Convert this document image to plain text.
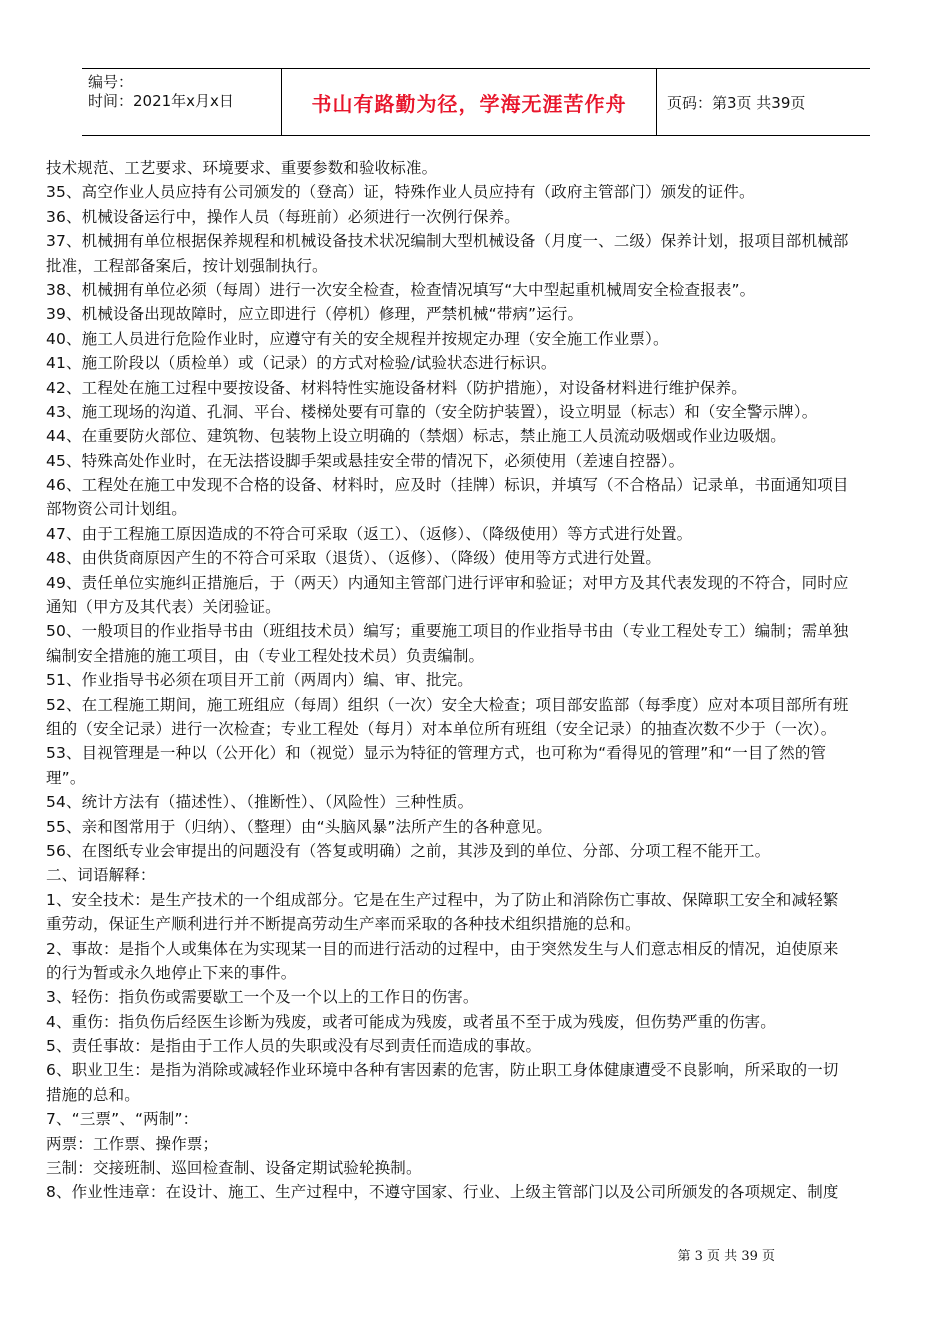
编号：
时间：2021年x月x日	书山有路勤为径，学海无涯苦作舟	页码：第3页 共39页
技术规范、工艺要求、环境要求、重要参数和验收标准。
35、高空作业人员应持有公司颁发的（登高）证，特殊作业人员应持有（政府主管部门）颁发的证件。
36、机械设备运行中，操作人员（每班前）必须进行一次例行保养。
37、机械拥有单位根据保养规程和机械设备技术状况编制大型机械设备（月度一、二级）保养计划，报项目部机械部
批准，工程部备案后，按计划强制执行。
38、机械拥有单位必须（每周）进行一次安全检查，检查情况填写“大中型起重机械周安全检查报表”。
39、机械设备出现故障时，应立即进行（停机）修理，严禁机械“带病”运行。
40、施工人员进行危险作业时，应遵守有关的安全规程并按规定办理（安全施工作业票）。
41、施工阶段以（质检单）或（记录）的方式对检验/试验状态进行标识。
42、工程处在施工过程中要按设备、材料特性实施设备材料（防护措施），对设备材料进行维护保养。
43、施工现场的沟道、孔洞、平台、楼梯处要有可靠的（安全防护装置），设立明显（标志）和（安全警示牌）。
44、在重要防火部位、建筑物、包装物上设立明确的（禁烟）标志，禁止施工人员流动吸烟或作业边吸烟。
45、特殊高处作业时，在无法搭设脚手架或悬挂安全带的情况下，必须使用（差速自控器）。
46、工程处在施工中发现不合格的设备、材料时，应及时（挂牌）标识，并填写（不合格品）记录单，书面通知项目
部物资公司计划组。
47、由于工程施工原因造成的不符合可采取（返工）、（返修）、（降级使用）等方式进行处置。
48、由供货商原因产生的不符合可采取（退货）、（返修）、（降级）使用等方式进行处置。
49、责任单位实施纠正措施后，于（两天）内通知主管部门进行评审和验证；对甲方及其代表发现的不符合，同时应
通知（甲方及其代表）关闭验证。
50、一般项目的作业指导书由（班组技术员）编写；重要施工项目的作业指导书由（专业工程处专工）编制；需单独
编制安全措施的施工项目，由（专业工程处技术员）负责编制。
51、作业指导书必须在项目开工前（两周内）编、审、批完。
52、在工程施工期间，施工班组应（每周）组织（一次）安全大检查；项目部安监部（每季度）应对本项目部所有班
组的（安全记录）进行一次检查；专业工程处（每月）对本单位所有班组（安全记录）的抽查次数不少于（一次）。
53、目视管理是一种以（公开化）和（视觉）显示为特征的管理方式，也可称为“看得见的管理”和“一目了然的管
理”。
54、统计方法有（描述性）、（推断性）、（风险性）三种性质。
55、亲和图常用于（归纳）、（整理）由“头脑风暴”法所产生的各种意见。
56、在图纸专业会审提出的问题没有（答复或明确）之前，其涉及到的单位、分部、分项工程不能开工。
二、词语解释：
1、安全技术：是生产技术的一个组成部分。它是在生产过程中，为了防止和消除伤亡事故、保障职工安全和减轻繁
重劳动，保证生产顺利进行并不断提高劳动生产率而采取的各种技术组织措施的总和。
2、事故：是指个人或集体在为实现某一目的而进行活动的过程中，由于突然发生与人们意志相反的情况，迫使原来
的行为暂或永久地停止下来的事件。
3、轻伤：指负伤或需要歇工一个及一个以上的工作日的伤害。
4、重伤：指负伤后经医生诊断为残废，或者可能成为残废，或者虽不至于成为残废，但伤势严重的伤害。
5、责任事故：是指由于工作人员的失职或没有尽到责任而造成的事故。
6、职业卫生：是指为消除或减轻作业环境中各种有害因素的危害，防止职工身体健康遭受不良影响，所采取的一切
措施的总和。
7、“三票”、“两制”：
两票：工作票、操作票；
三制：交接班制、巡回检查制、设备定期试验轮换制。
8、作业性违章：在设计、施工、生产过程中，不遵守国家、行业、上级主管部门以及公司所颁发的各项规定、制度
第 3 页 共 39 页
